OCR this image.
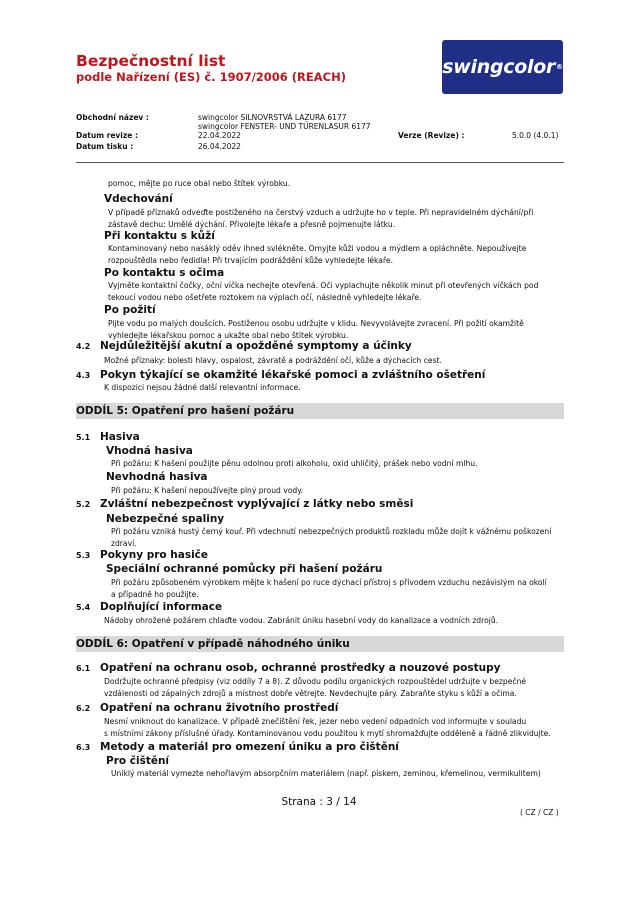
Bezpečnostní list
podle Nařízení (ES) č. 1907/2006 (REACH)	swingcolor ®
Obchodní název :	swingcolor SILNOVRSTVÁ LAZURA 6177
swingcolor FENSTER- UND TÜRENLASUR 6177
Datum revize :	22.04.2022	Verze (Revize) :	5.0.0 (4.0.1)
Datum tisku :	26.04.2022
pomoc, mějte po ruce obal nebo štítek výrobku.
Vdechování
V případě příznaků odveďte postiženého na čerstvý vzduch a udržujte ho v teple. Při nepravidelném dýchání/při
zástavě dechu: Umělé dýchání. Přivolejte lékaře a přesně pojmenujte látku.
Při kontaktu s kůží
Kontaminovaný nebo nasáklý oděv ihned svlékněte. Omyjte kůži vodou a mýdlem a opláchněte. Nepoužívejte
rozpouštědla nebo ředidla! Při trvajícím podráždění kůže vyhledejte lékaře.
Po kontaktu s očima
Vyjměte kontaktní čočky, oční víčka nechejte otevřená. Oči vyplachujte několik minut při otevřených víčkách pod
tekoucí vodou nebo ošetřete roztokem na výplach očí, následně vyhledejte lékaře.
Po požití
Pijte vodu po malých doušcích. Postiženou osobu udržujte v klidu. Nevyvolávejte zvracení. Při požití okamžitě
vyhledejte lékařskou pomoc a ukažte obal nebo štítek výrobku.
4.2 Nejdůležitější akutní a opožděné symptomy a účinky
Možné příznaky: bolesti hlavy, ospalost, závratě a podráždění očí, kůže a dýchacích cest.
4.3 Pokyn týkající se okamžité lékařské pomoci a zvláštního ošetření
K dispozici nejsou žádné další relevantní informace.
ODDÍL 5: Opatření pro hašení požáru
5.1 Hasiva
Vhodná hasiva
Při požáru: K hašení použijte pěnu odolnou proti alkoholu, oxid uhličitý, prášek nebo vodní mlhu.
Nevhodná hasiva
Při požáru: K hašení nepoužívejte plný proud vody.
5.2 Zvláštní nebezpečnost vyplývající z látky nebo směsi
Nebezpečné spaliny
Při požáru vzniká hustý černý kouř. Při vdechnutí nebezpečných produktů rozkladu může dojít k vážnému poškození
zdraví.
5.3 Pokyny pro hasiče
Speciální ochranné pomůcky při hašení požáru
Při požáru způsobeném výrobkem mějte k hašení po ruce dýchací přístroj s přívodem vzduchu nezávislým na okolí
a případně ho použijte.
5.4 Doplňující informace
Nádoby ohrožené požárem chlaďte vodou. Zabránit úniku hasební vody do kanalizace a vodních zdrojů.
ODDÍL 6: Opatření v případě náhodného úniku
6.1 Opatření na ochranu osob, ochranné prostředky a nouzové postupy
Dodržujte ochranné předpisy (viz oddíly 7 a 8). Z důvodu podílu organických rozpouštědel udržujte v bezpečné
vzdálenosti od zápalných zdrojů a místnost dobře větrejte. Nevdechujte páry. Zabraňte styku s kůží a očima.
6.2 Opatření na ochranu životního prostředí
Nesmí vniknout do kanalizace. V případě znečištění řek, jezer nebo vedení odpadních vod informujte v souladu
s místními zákony příslušné úřady. Kontaminovanou vodu použitou k mytí shromažďujte odděleně a řádně zlikvidujte.
6.3 Metody a materiál pro omezení úniku a pro čištění
Pro čištění
Uniklý materiál vymezte nehořlavým absorpčním materiálem (např. pískem, zeminou, křemelinou, vermikulitem)
Strana : 3 / 14
( CZ / CZ )
